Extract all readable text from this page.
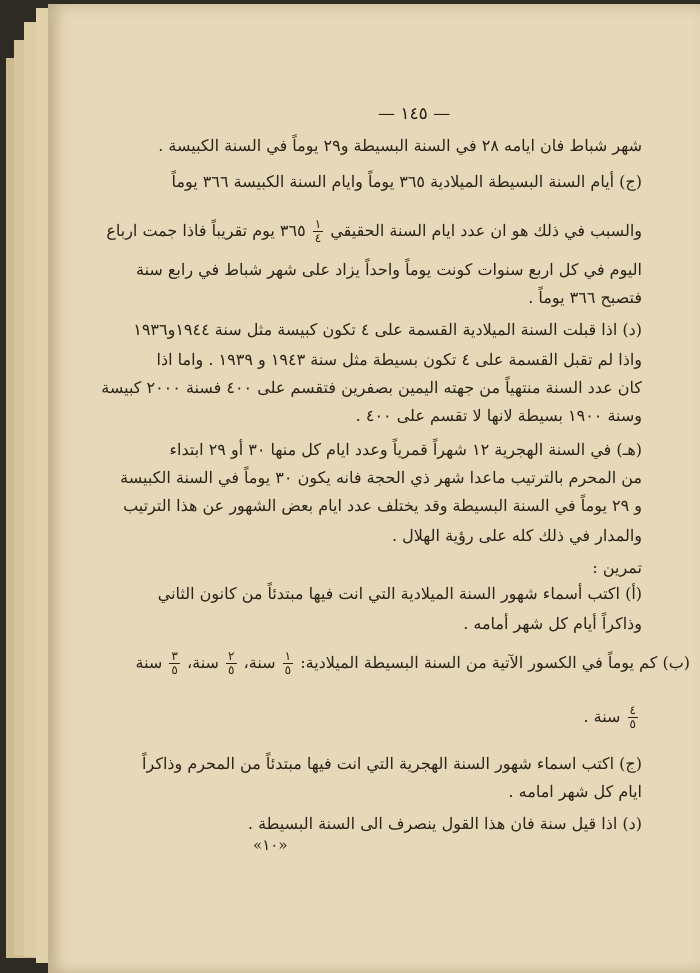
— ١٤٥ —
شهر شباط فان ايامه ٢٨ في السنة البسيطة و٢٩ يوماً في السنة الكبيسة .
(ج) أيام السنة البسيطة الميلادية ٣٦٥ يوماً وايام السنة الكبيسة ٣٦٦ يوماً
والسبب في ذلك هو ان عدد ايام السنة الحقيقي
$\frac{١}{٤}$
٣٦٥ يوم تقريباً فاذا جمت ارباع
اليوم في كل اربع سنوات كونت يوماً واحداً يزاد على شهر شباط في رابع سنة
فتصبح ٣٦٦ يوماً .
(د) اذا قبلت السنة الميلادية القسمة على ٤ تكون كبيسة مثل سنة ١٩٤٤و١٩٣٦
واذا لم تقبل القسمة على ٤ تكون بسيطة مثل سنة ١٩٤٣ و ١٩٣٩ . واما اذا
كان عدد السنة منتهياً من جهته اليمين بصفرين فتقسم على ٤٠٠ فسنة ٢٠٠٠ كبيسة
وسنة ١٩٠٠ بسيطة لانها لا تقسم على ٤٠٠ .
(هـ) في السنة الهجرية ١٢ شهراً قمرياً وعدد ايام كل منها ٣٠ أو ٢٩ ابتداء
من المحرم بالترتيب ماعدا شهر ذي الحجة فانه يكون ٣٠ يوماً في السنة الكبيسة
و ٢٩ يوماً في السنة البسيطة وقد يختلف عدد ايام بعض الشهور عن هذا الترتيب
والمدار في ذلك كله على رؤية الهلال .
تمرين :
(أ) اكتب أسماء شهور السنة الميلادية التي انت فيها مبتدئاً من كانون الثاني
وذاكراً أيام كل شهر أمامه .
(ب) كم يوماً في الكسور الآتية من السنة البسيطة الميلادية:
$\frac{١}{٥}$
سنة،
$\frac{٢}{٥}$
سنة،
$\frac{٣}{٥}$
سنة
$\frac{٤}{٥}$
سنة .
(ج) اكتب اسماء شهور السنة الهجرية التي انت فيها مبتدئاً من المحرم وذاكراً
ايام كل شهر امامه .
(د) اذا قيل سنة فان هذا القول ينصرف الى السنة البسيطة .
«١٠»
